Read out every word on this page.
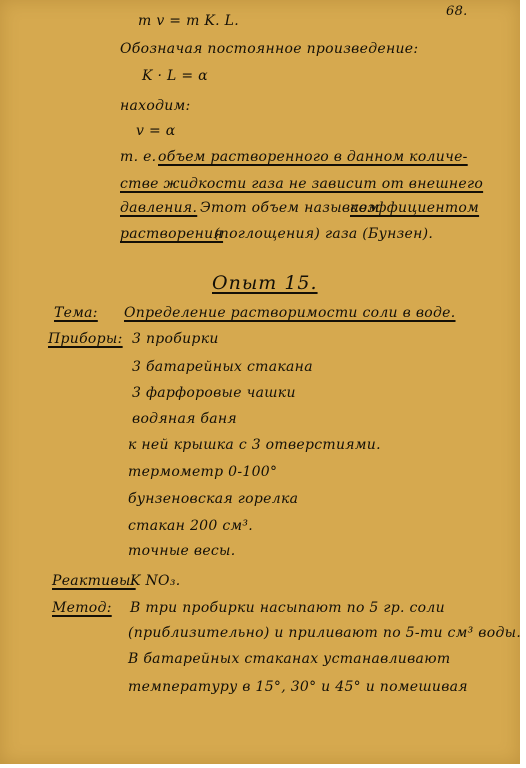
68.
m v = m K. L.
Обозначая постоянное произведение:
K · L = α
находим:
v = α
т. е. объем растворенного в данном количе-
стве жидкости газа не зависит от внешнего
давления. Этот объем называем
коэффициентом
растворения
(поглощения) газа (Бунзен).
Опыт 15.
Тема: Определение растворимости соли в воде.
Приборы: 3 пробирки
3 батарейных стакана
3 фарфоровые чашки
водяная баня
к ней крышка с 3 отверстиями.
термометр 0-100°
бунзеновская горелка
стакан 200 см³.
точные весы.
Реактивы:
K NO₃.
Метод: В три пробирки насыпают по 5 гр. соли
(приблизительно) и приливают по 5-ти см³ воды.
В батарейных стаканах устанавливают
температуру в 15°, 30° и 45° и помешивая
